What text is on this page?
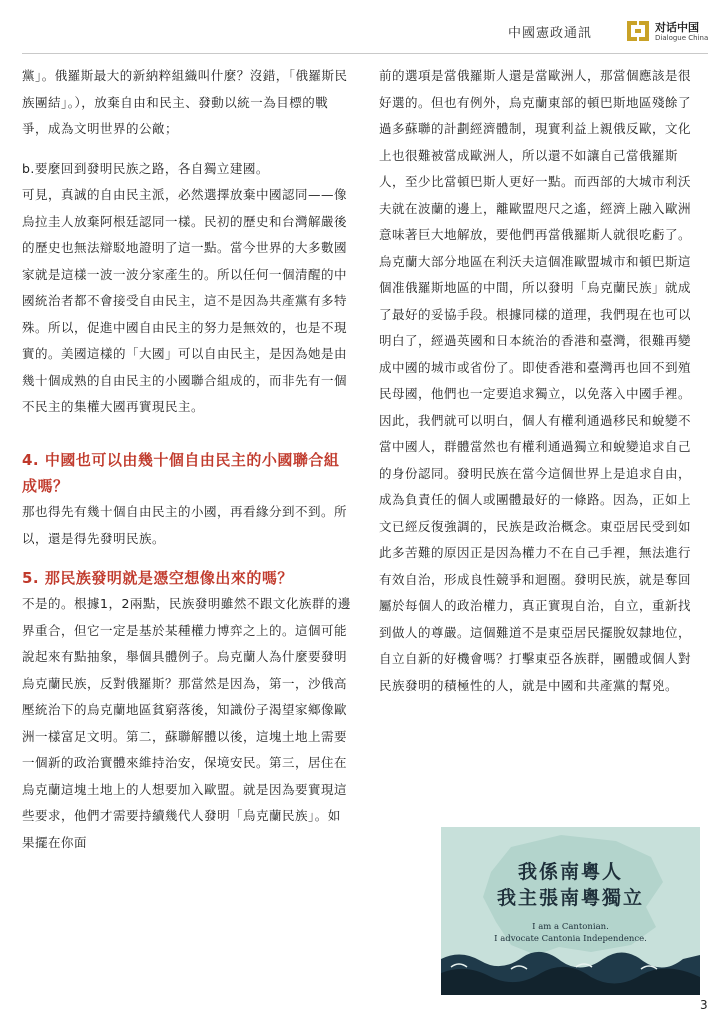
中國憲政通訊	对话中国
Dialogue China

黨」。俄羅斯最大的新納粹組織叫什麼？沒錯，「俄羅斯民族團結」。），放棄自由和民主、發動以統一為目標的戰爭，成為文明世界的公敵；

b.要麼回到發明民族之路，各自獨立建國。

可見，真誠的自由民主派，必然選擇放棄中國認同——像烏拉圭人放棄阿根廷認同一樣。民初的歷史和台灣解嚴後的歷史也無法辯駁地證明了這一點。當今世界的大多數國家就是這樣一波一波分家產生的。所以任何一個清醒的中國統治者都不會接受自由民主，這不是因為共產黨有多特殊。所以，促進中國自由民主的努力是無效的，也是不現實的。美國這樣的「大國」可以自由民主，是因為她是由幾十個成熟的自由民主的小國聯合組成的，而非先有一個不民主的集權大國再實現民主。

4. 中國也可以由幾十個自由民主的小國聯合組成嗎？

那也得先有幾十個自由民主的小國，再看緣分到不到。所以，還是得先發明民族。

5. 那民族發明就是憑空想像出來的嗎？

不是的。根據1，2兩點，民族發明雖然不跟文化族群的邊界重合，但它一定是基於某種權力博弈之上的。這個可能說起來有點抽象，舉個具體例子。烏克蘭人為什麼要發明烏克蘭民族，反對俄羅斯？那當然是因為，第一，沙俄高壓統治下的烏克蘭地區貧窮落後，知識份子渴望家鄉像歐洲一樣富足文明。第二，蘇聯解體以後，這塊土地上需要一個新的政治實體來維持治安，保境安民。第三，居住在烏克蘭這塊土地上的人想要加入歐盟。就是因為要實現這些要求，他們才需要持續幾代人發明「烏克蘭民族」。如果擺在你面

前的選項是當俄羅斯人還是當歐洲人，那當個應該是很好選的。但也有例外，烏克蘭東部的頓巴斯地區殘餘了過多蘇聯的計劃經濟體制，現實利益上親俄反歐，文化上也很難被當成歐洲人，所以還不如讓自己當俄羅斯人，至少比當頓巴斯人更好一點。而西部的大城市利沃夫就在波蘭的邊上，離歐盟咫尺之遙，經濟上融入歐洲意味著巨大地解放，要他們再當俄羅斯人就很吃虧了。烏克蘭大部分地區在利沃夫這個准歐盟城市和頓巴斯這個准俄羅斯地區的中間，所以發明「烏克蘭民族」就成了最好的妥協手段。根據同樣的道理，我們現在也可以明白了，經過英國和日本統治的香港和臺灣，很難再變成中國的城市或省份了。即使香港和臺灣再也回不到殖民母國，他們也一定要追求獨立，以免落入中國手裡。

因此，我們就可以明白，個人有權利通過移民和蛻變不當中國人，群體當然也有權利通過獨立和蛻變追求自己的身份認同。發明民族在當今這個世界上是追求自由，成為負責任的個人或團體最好的一條路。因為，正如上文已經反復強調的，民族是政治概念。東亞居民受到如此多苦難的原因正是因為權力不在自己手裡，無法進行有效自治，形成良性競爭和迴圈。發明民族，就是奪回屬於每個人的政治權力，真正實現自治，自立，重新找到做人的尊嚴。這個難道不是東亞居民擺脫奴隸地位，自立自新的好機會嗎？打擊東亞各族群，團體或個人對民族發明的積極性的人，就是中國和共產黨的幫兇。

我係南粵人
我主張南粵獨立
I am a Cantonian.
I advocate Cantonia Independence.
3
